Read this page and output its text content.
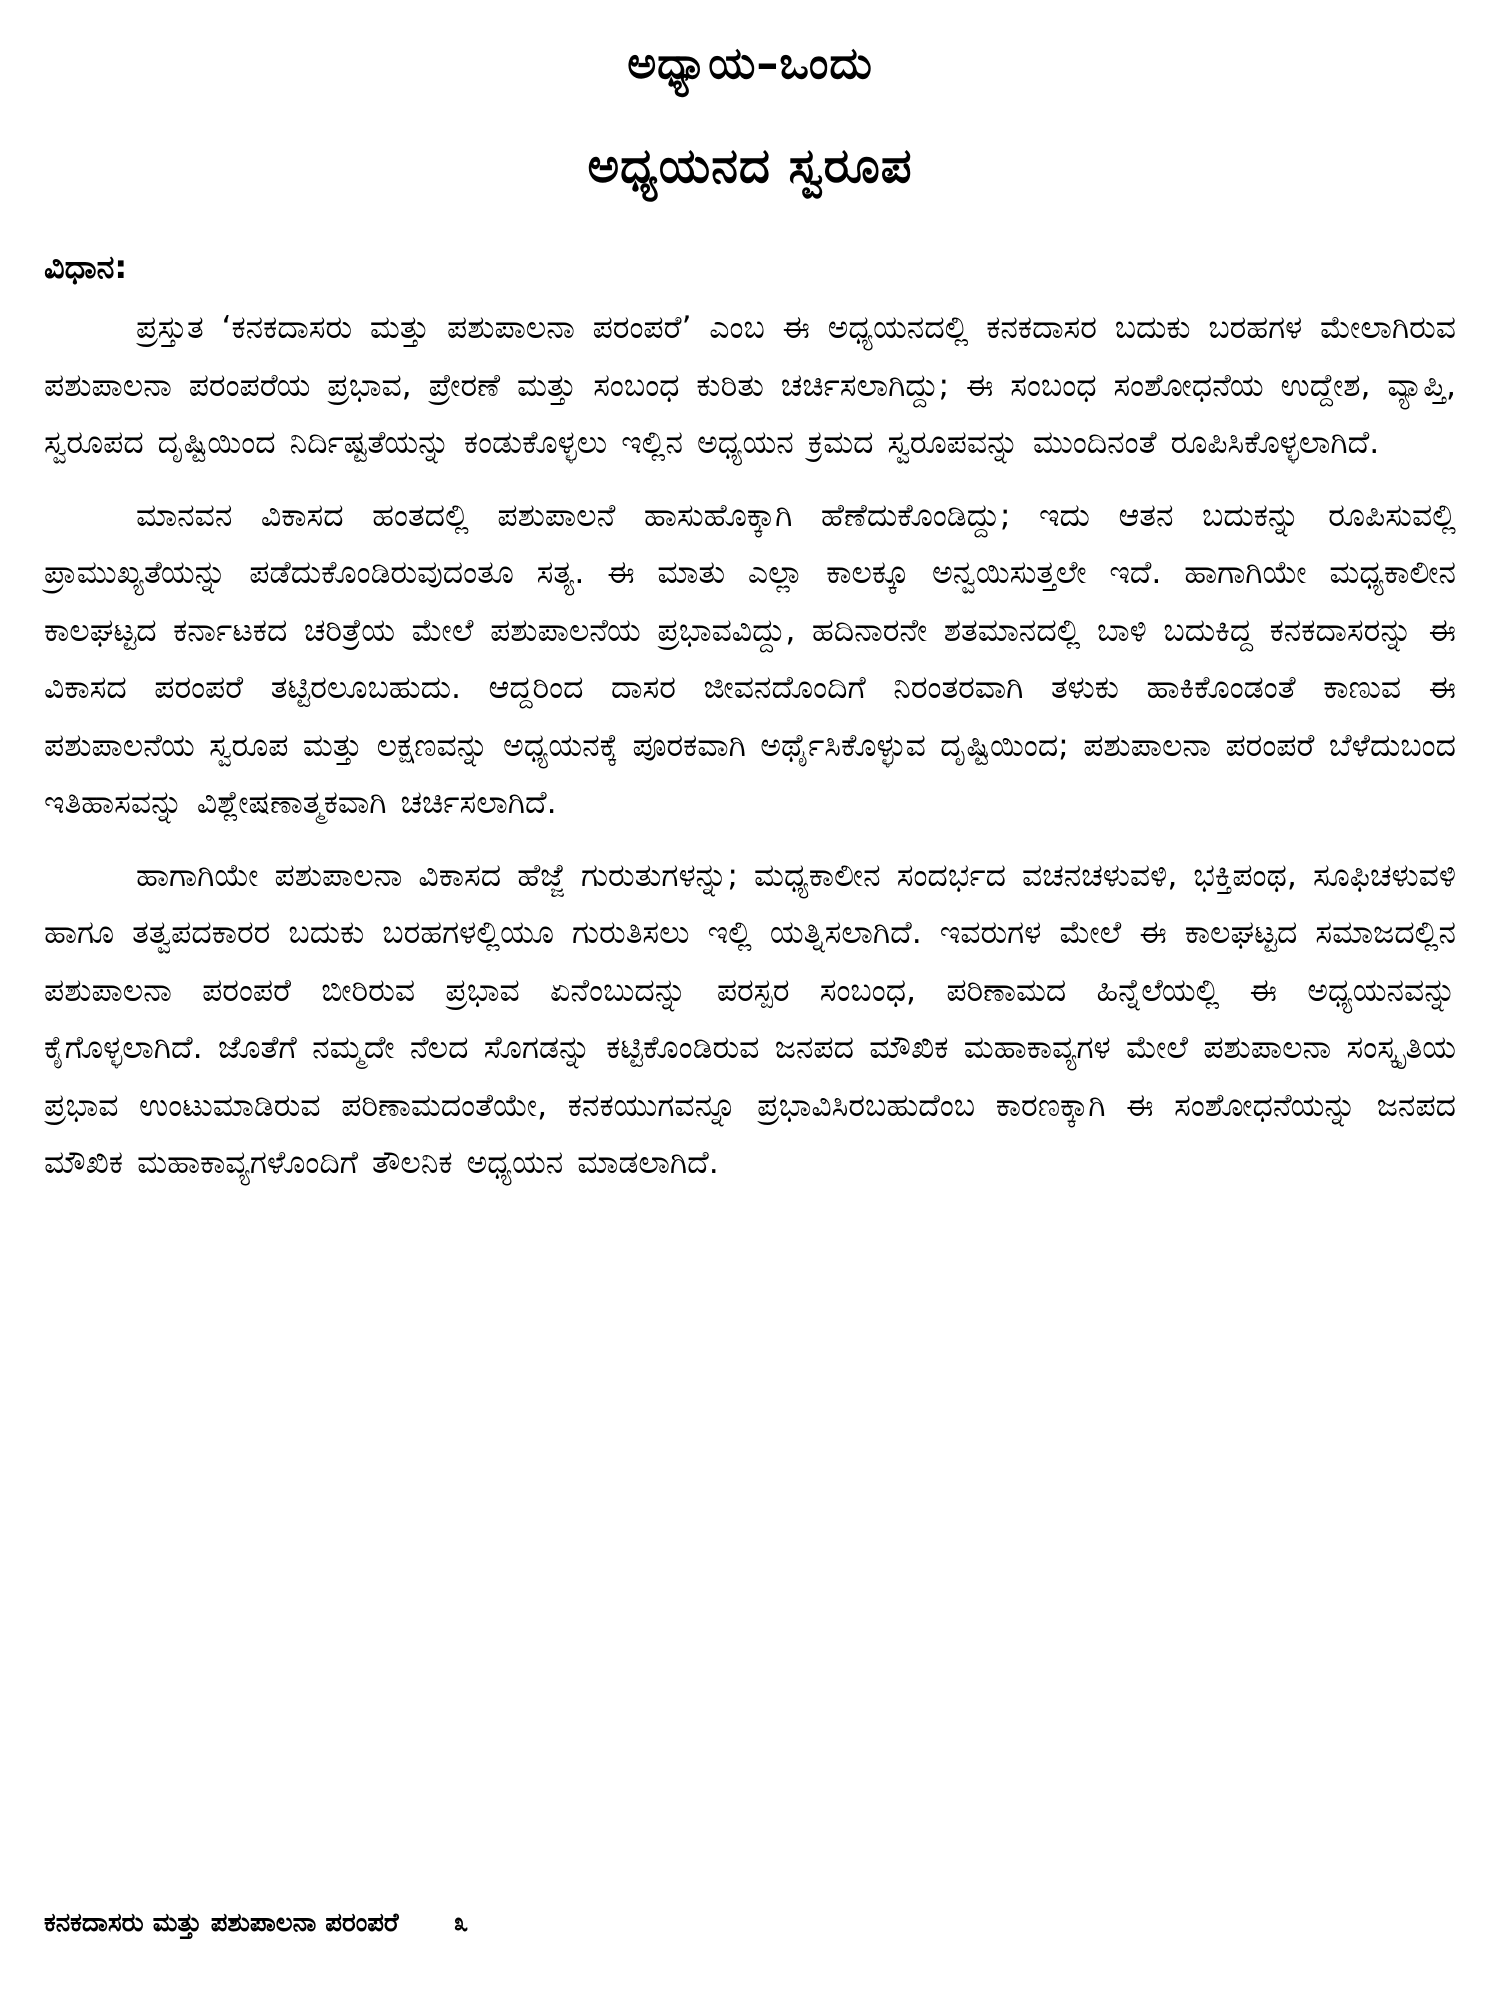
ಅಧ್ಯಾಯ–ಒಂದು
ಅಧ್ಯಯನದ ಸ್ವರೂಪ
ವಿಧಾನ:

ಪ್ರಸ್ತುತ ‘ಕನಕದಾಸರು ಮತ್ತು ಪಶುಪಾಲನಾ ಪರಂಪರೆ’ ಎಂಬ ಈ ಅಧ್ಯಯನದಲ್ಲಿ ಕನಕದಾಸರ ಬದುಕು ಬರಹಗಳ ಮೇಲಾಗಿರುವ ಪಶುಪಾಲನಾ ಪರಂಪರೆಯ ಪ್ರಭಾವ, ಪ್ರೇರಣೆ ಮತ್ತು ಸಂಬಂಧ ಕುರಿತು ಚರ್ಚಿಸಲಾಗಿದ್ದು; ಈ ಸಂಬಂಧ ಸಂಶೋಧನೆಯ ಉದ್ದೇಶ, ವ್ಯಾಪ್ತಿ, ಸ್ವರೂಪದ ದೃಷ್ಟಿಯಿಂದ ನಿರ್ದಿಷ್ಟತೆಯನ್ನು ಕಂಡುಕೊಳ್ಳಲು ಇಲ್ಲಿನ ಅಧ್ಯಯನ ಕ್ರಮದ ಸ್ವರೂಪವನ್ನು ಮುಂದಿನಂತೆ ರೂಪಿಸಿಕೊಳ್ಳಲಾಗಿದೆ.

ಮಾನವನ ವಿಕಾಸದ ಹಂತದಲ್ಲಿ ಪಶುಪಾಲನೆ ಹಾಸುಹೊಕ್ಕಾಗಿ ಹೆಣೆದುಕೊಂಡಿದ್ದು; ಇದು ಆತನ ಬದುಕನ್ನು ರೂಪಿಸುವಲ್ಲಿ ಪ್ರಾಮುಖ್ಯತೆಯನ್ನು ಪಡೆದುಕೊಂಡಿರುವುದಂತೂ ಸತ್ಯ. ಈ ಮಾತು ಎಲ್ಲಾ ಕಾಲಕ್ಕೂ ಅನ್ವಯಿಸುತ್ತಲೇ ಇದೆ. ಹಾಗಾಗಿಯೇ ಮಧ್ಯಕಾಲೀನ ಕಾಲಘಟ್ಟದ ಕರ್ನಾಟಕದ ಚರಿತ್ರೆಯ ಮೇಲೆ ಪಶುಪಾಲನೆಯ ಪ್ರಭಾವವಿದ್ದು, ಹದಿನಾರನೇ ಶತಮಾನದಲ್ಲಿ ಬಾಳಿ ಬದುಕಿದ್ದ ಕನಕದಾಸರನ್ನು ಈ ವಿಕಾಸದ ಪರಂಪರೆ ತಟ್ಟಿರಲೂಬಹುದು. ಆದ್ದರಿಂದ ದಾಸರ ಜೀವನದೊಂದಿಗೆ ನಿರಂತರವಾಗಿ ತಳುಕು ಹಾಕಿಕೊಂಡಂತೆ ಕಾಣುವ ಈ ಪಶುಪಾಲನೆಯ ಸ್ವರೂಪ ಮತ್ತು ಲಕ್ಷಣವನ್ನು ಅಧ್ಯಯನಕ್ಕೆ ಪೂರಕವಾಗಿ ಅರ್ಥೈಸಿಕೊಳ್ಳುವ ದೃಷ್ಟಿಯಿಂದ; ಪಶುಪಾಲನಾ ಪರಂಪರೆ ಬೆಳೆದುಬಂದ ಇತಿಹಾಸವನ್ನು ವಿಶ್ಲೇಷಣಾತ್ಮಕವಾಗಿ ಚರ್ಚಿಸಲಾಗಿದೆ.

ಹಾಗಾಗಿಯೇ ಪಶುಪಾಲನಾ ವಿಕಾಸದ ಹೆಜ್ಜೆ ಗುರುತುಗಳನ್ನು; ಮಧ್ಯಕಾಲೀನ ಸಂದರ್ಭದ ವಚನಚಳುವಳಿ, ಭಕ್ತಿಪಂಥ, ಸೂಫಿಚಳುವಳಿ ಹಾಗೂ ತತ್ವಪದಕಾರರ ಬದುಕು ಬರಹಗಳಲ್ಲಿಯೂ ಗುರುತಿಸಲು ಇಲ್ಲಿ ಯತ್ನಿಸಲಾಗಿದೆ. ಇವರುಗಳ ಮೇಲೆ ಈ ಕಾಲಘಟ್ಟದ ಸಮಾಜದಲ್ಲಿನ ಪಶುಪಾಲನಾ ಪರಂಪರೆ ಬೀರಿರುವ ಪ್ರಭಾವ ಏನೆಂಬುದನ್ನು ಪರಸ್ಪರ ಸಂಬಂಧ, ಪರಿಣಾಮದ ಹಿನ್ನೆಲೆಯಲ್ಲಿ ಈ ಅಧ್ಯಯನವನ್ನು ಕೈಗೊಳ್ಳಲಾಗಿದೆ. ಜೊತೆಗೆ ನಮ್ಮದೇ ನೆಲದ ಸೊಗಡನ್ನು ಕಟ್ಟಿಕೊಂಡಿರುವ ಜನಪದ ಮೌಖಿಕ ಮಹಾಕಾವ್ಯಗಳ ಮೇಲೆ ಪಶುಪಾಲನಾ ಸಂಸ್ಕೃತಿಯ ಪ್ರಭಾವ ಉಂಟುಮಾಡಿರುವ ಪರಿಣಾಮದಂತೆಯೇ, ಕನಕಯುಗವನ್ನೂ ಪ್ರಭಾವಿಸಿರಬಹುದೆಂಬ ಕಾರಣಕ್ಕಾಗಿ ಈ ಸಂಶೋಧನೆಯನ್ನು ಜನಪದ ಮೌಖಿಕ ಮಹಾಕಾವ್ಯಗಳೊಂದಿಗೆ ತೌಲನಿಕ ಅಧ್ಯಯನ ಮಾಡಲಾಗಿದೆ.

ಕನಕದಾಸರು ಮತ್ತು ಪಶುಪಾಲನಾ ಪರಂಪರೆ ೩
